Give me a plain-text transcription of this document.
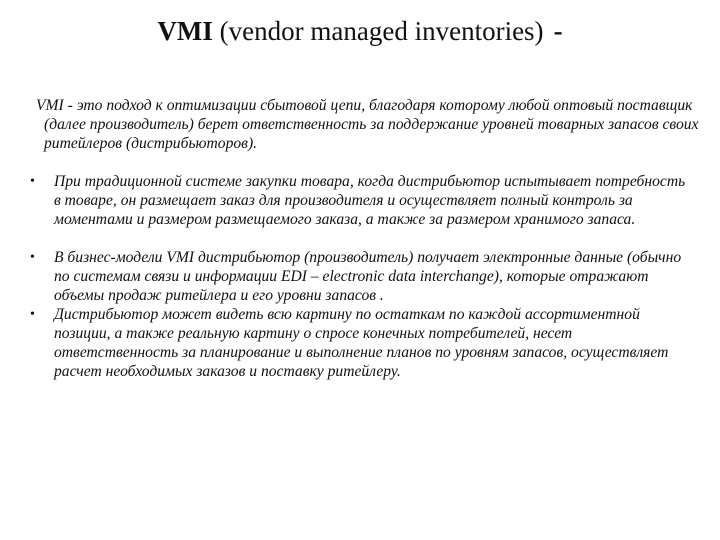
VMI (vendor managed inventories) -
VMI - это подход к оптимизации сбытовой цепи, благодаря которому любой оптовый поставщик (далее производитель) берет ответственность за поддержание уровней товарных запасов своих ритейлеров (дистрибьюторов).
• При традиционной системе закупки товара, когда дистрибьютор испытывает потребность в товаре, он размещает заказ для производителя и осуществляет полный контроль за моментами и размером размещаемого заказа, а также за размером хранимого запаса.
• В бизнес-модели VMI дистрибьютор (производитель) получает электронные данные (обычно по системам связи и информации EDI – electronic data interchange), которые отражают объемы продаж ритейлера и его уровни запасов .
• Дистрибьютор может видеть всю картину по остаткам по каждой ассортиментной позиции, а также реальную картину о спросе конечных потребителей, несет ответственность за планирование и выполнение планов по уровням запасов, осуществляет расчет необходимых заказов и поставку ритейлеру.
